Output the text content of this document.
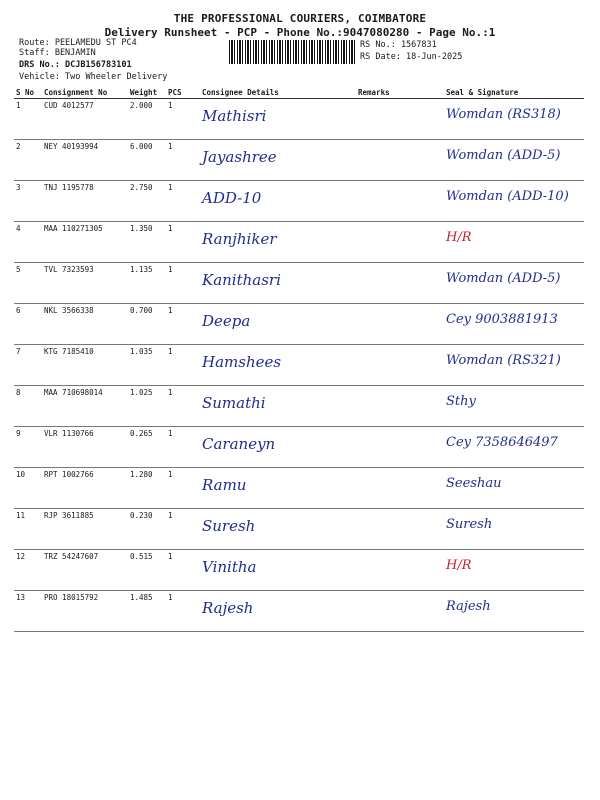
THE PROFESSIONAL COURIERS, COIMBATORE
Delivery Runsheet - PCP - Phone No.:9047080280 - Page No.:1
Route: PEELAMEDU ST PC4
Staff: BENJAMIN
DRS No.: DCJB156783101
Vehicle: Two Wheeler Delivery
RS No.: 1567831
RS Date: 18-Jun-2025
S No	Consignment No	Weight	PCS	Consignee Details	Remarks	Seal & Signature
1	CUD 4012577	2.000	1	Mathisri		Womdan (RS318)

2	NEY 40193994	6.000	1	Jayashree		Womdan (ADD-5)

3	TNJ 1195778	2.750	1	ADD-10		Womdan (ADD-10)

4	MAA 110271305	1.350	1	Ranjhiker		H/R

5	TVL 7323593	1.135	1	Kanithasri		Womdan (ADD-5)

6	NKL 3566338	0.700	1	Deepa		Cey 9003881913

7	KTG 7185410	1.035	1	Hamshees		Womdan (RS321)

8	MAA 710698014	1.025	1	Sumathi		Sthy

9	VLR 1130766	0.265	1	Caraneyn		Cey 7358646497

10	RPT 1002766	1.280	1	Ramu		Seeshau

11	RJP 3611885	0.230	1	Suresh		Suresh

12	TRZ 54247607	0.515	1	Vinitha		H/R

13	PRO 18015792	1.485	1	Rajesh		Rajesh
